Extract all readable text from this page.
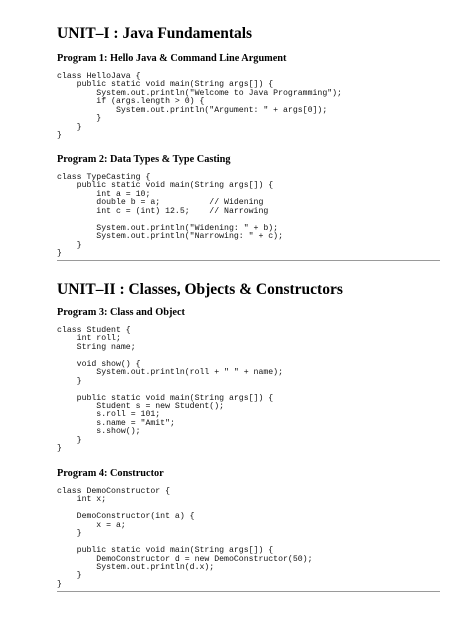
UNIT–I : Java Fundamentals
Program 1: Hello Java & Command Line Argument
class HelloJava {
public static void main(String args[]) {
System.out.println("Welcome to Java Programming");
if (args.length > 0) {
System.out.println("Argument: " + args[0]);
}
}
}
Program 2: Data Types & Type Casting
class TypeCasting {
public static void main(String args[]) {
int a = 10;
double b = a;          // Widening
int c = (int) 12.5;    // Narrowing
System.out.println("Widening: " + b);
System.out.println("Narrowing: " + c);
}
}
UNIT–II : Classes, Objects & Constructors
Program 3: Class and Object
class Student {
int roll;
String name;
void show() {
System.out.println(roll + " " + name);
}
public static void main(String args[]) {
Student s = new Student();
s.roll = 101;
s.name = "Amit";
s.show();
}
}
Program 4: Constructor
class DemoConstructor {
int x;
DemoConstructor(int a) {
x = a;
}
public static void main(String args[]) {
DemoConstructor d = new DemoConstructor(50);
System.out.println(d.x);
}
}
